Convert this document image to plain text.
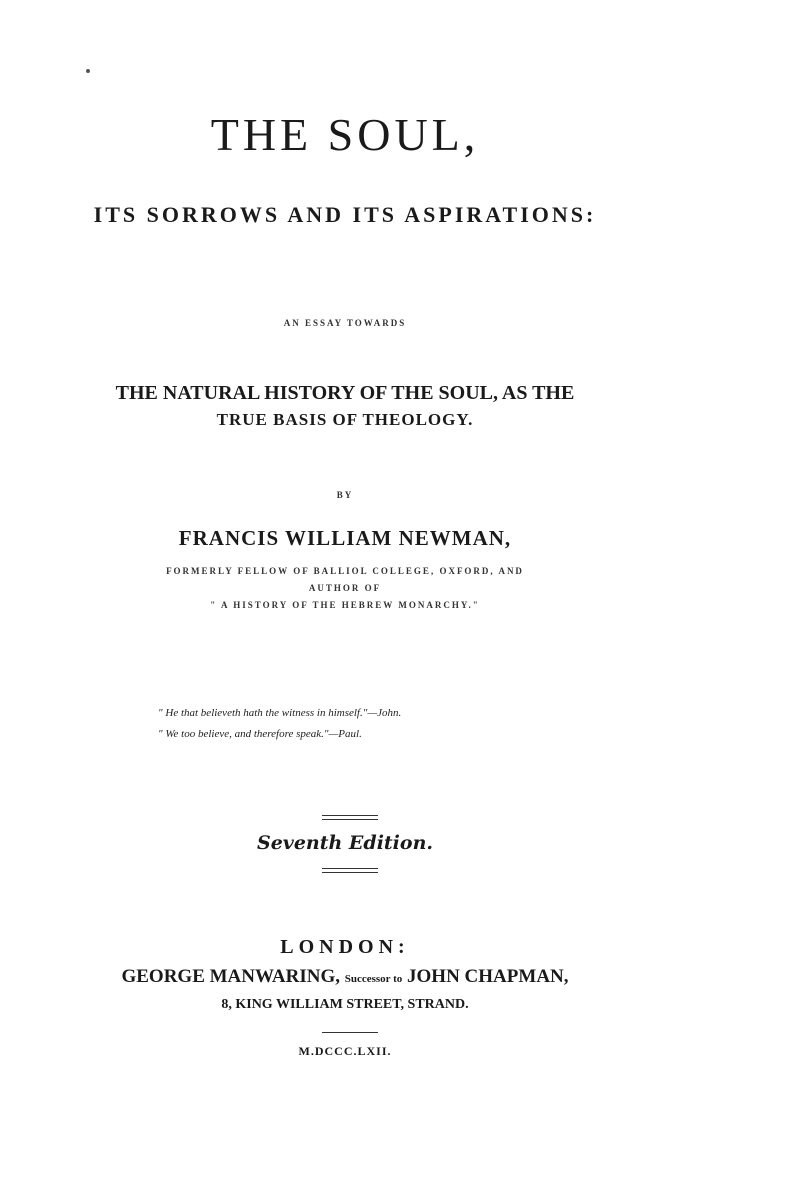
THE SOUL,
ITS SORROWS AND ITS ASPIRATIONS:
AN ESSAY TOWARDS
THE NATURAL HISTORY OF THE SOUL, AS THE
TRUE BASIS OF THEOLOGY.
BY
FRANCIS WILLIAM NEWMAN,
FORMERLY FELLOW OF BALLIOL COLLEGE, OXFORD, AND
AUTHOR OF
" A HISTORY OF THE HEBREW MONARCHY."
" He that believeth hath the witness in himself."—John.
" We too believe, and therefore speak."—Paul.
Seventh Edition.
LONDON:
GEORGE MANWARING, Successor to JOHN CHAPMAN,
8, KING WILLIAM STREET, STRAND.
M.DCCC.LXII.
